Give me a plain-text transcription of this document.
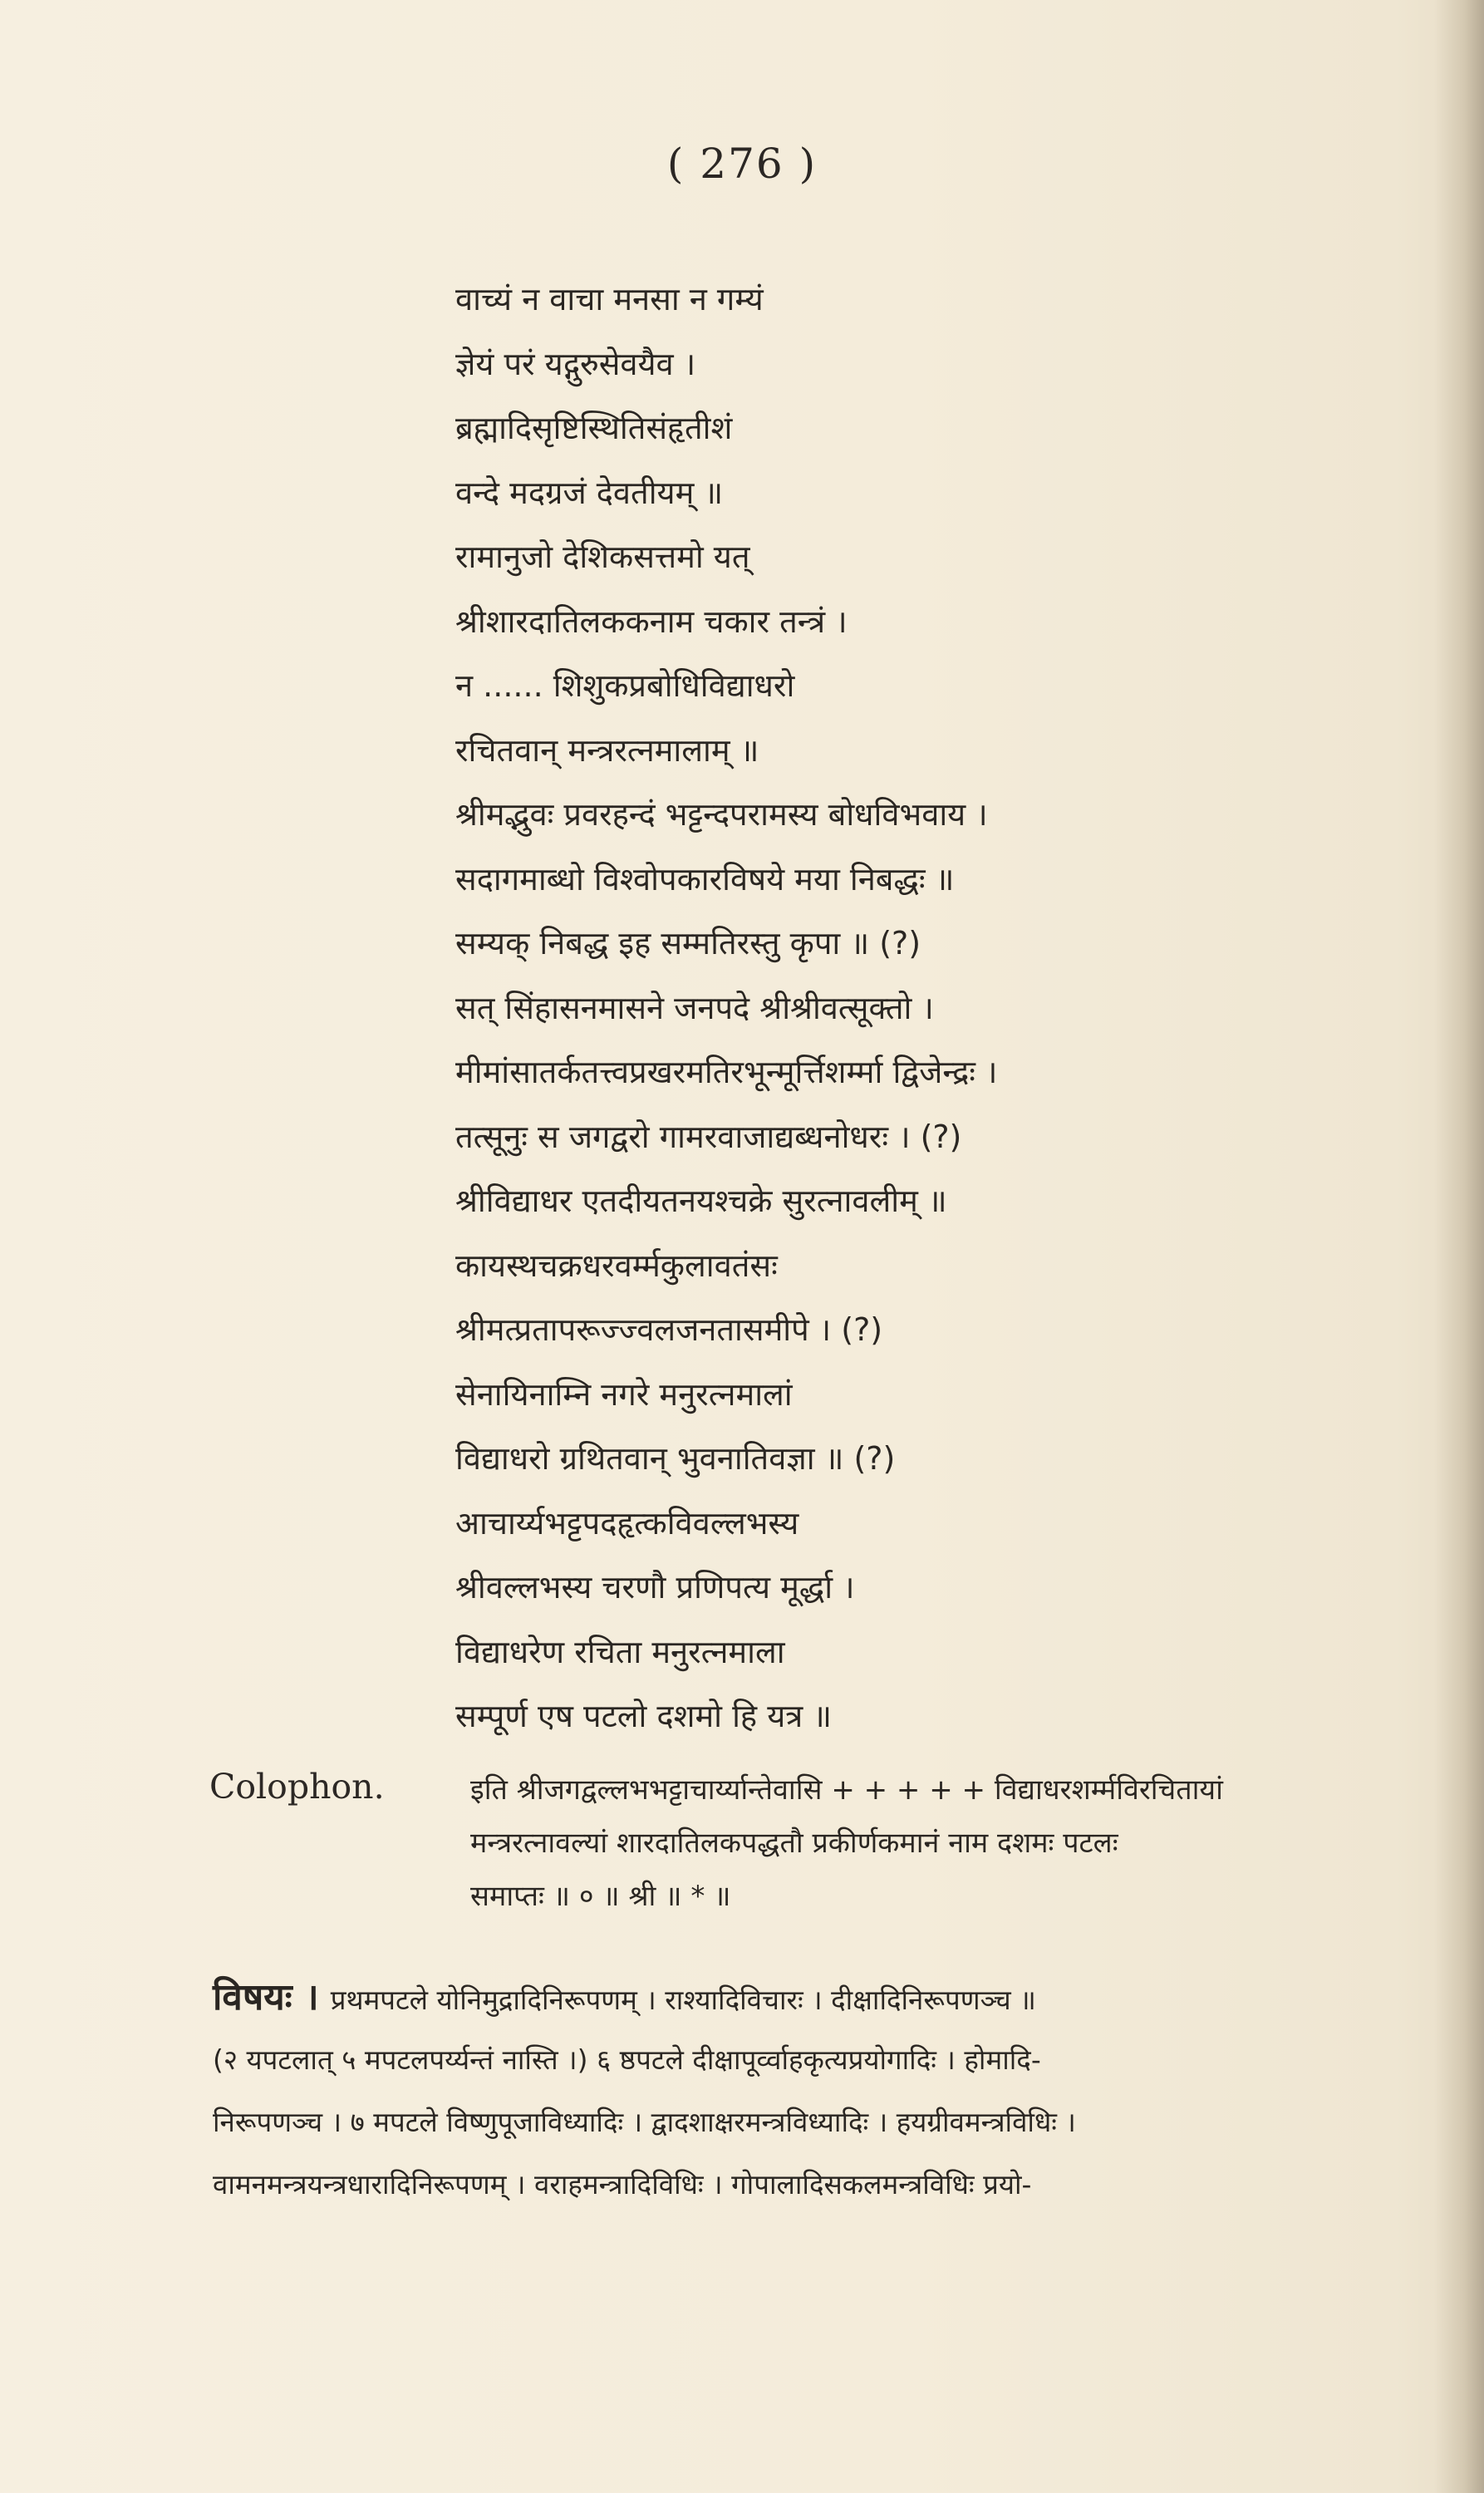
( 276 )
वाच्यं न वाचा मनसा न गम्यं
ज्ञेयं परं यद्गुरुसेवयैव ।
ब्रह्मादिसृष्टिस्थितिसंहृतीशं
वन्दे मदग्रजं देवतीयम् ॥
रामानुजो देशिकसत्तमो यत्
श्रीशारदातिलककनाम चकार तन्त्रं ।
न ...... शिशुकप्रबोधिविद्याधरो
रचितवान् मन्त्ररत्नमालाम् ॥
श्रीमद्भुवः प्रवरहन्दं भट्टन्दपरामस्य बोधविभवाय ।
सदागमाब्धो विश्वोपकारविषये मया निबद्धः ॥
सम्यक् निबद्ध इह सम्मतिरस्तु कृपा ॥ (?)
सत् सिंहासनमासने जनपदे श्रीश्रीवत्सूक्तो ।
मीमांसातर्कतत्त्वप्रखरमतिरभून्मूर्त्तिशर्म्मा द्विजेन्द्रः ।
तत्सूनुः स जगद्वरो गामरवाजाद्यब्धनोधरः । (?)
श्रीविद्याधर एतदीयतनयश्चक्रे सुरत्नावलीम् ॥
कायस्थचक्रधरवर्म्मकुलावतंसः
श्रीमत्प्रतापरूज्ज्वलजनतासमीपे । (?)
सेनायिनाम्नि नगरे मनुरत्नमालां
विद्याधरो ग्रथितवान् भुवनातिवज्ञा ॥ (?)
आचार्य्यभट्टपदहृत्कविवल्लभस्य
श्रीवल्लभस्य चरणौ प्रणिपत्य मूर्द्धा ।
विद्याधरेण रचिता मनुरत्नमाला
सम्पूर्ण एष पटलो दशमो हि यत्र ॥
Colophon.	इति श्रीजगद्वल्लभभट्टाचार्य्यान्तेवासि + + + + + विद्याधरशर्म्मविरचितायां
मन्त्ररत्नावल्यां शारदातिलकपद्धतौ प्रकीर्णकमानं नाम दशमः पटलः
समाप्तः ॥ ० ॥ श्री ॥ * ॥
विषयः । प्रथमपटले योनिमुद्रादिनिरूपणम् । राश्यादिविचारः । दीक्षादिनिरूपणञ्च ॥
(२ यपटलात् ५ मपटलपर्य्यन्तं नास्ति ।) ६ ष्ठपटले दीक्षापूर्व्वाहकृत्यप्रयोगादिः । होमादि-
निरूपणञ्च । ७ मपटले विष्णुपूजाविध्यादिः । द्वादशाक्षरमन्त्रविध्यादिः । हयग्रीवमन्त्रविधिः ।
वामनमन्त्रयन्त्रधारादिनिरूपणम् । वराहमन्त्रादिविधिः । गोपालादिसकलमन्त्रविधिः प्रयो-
